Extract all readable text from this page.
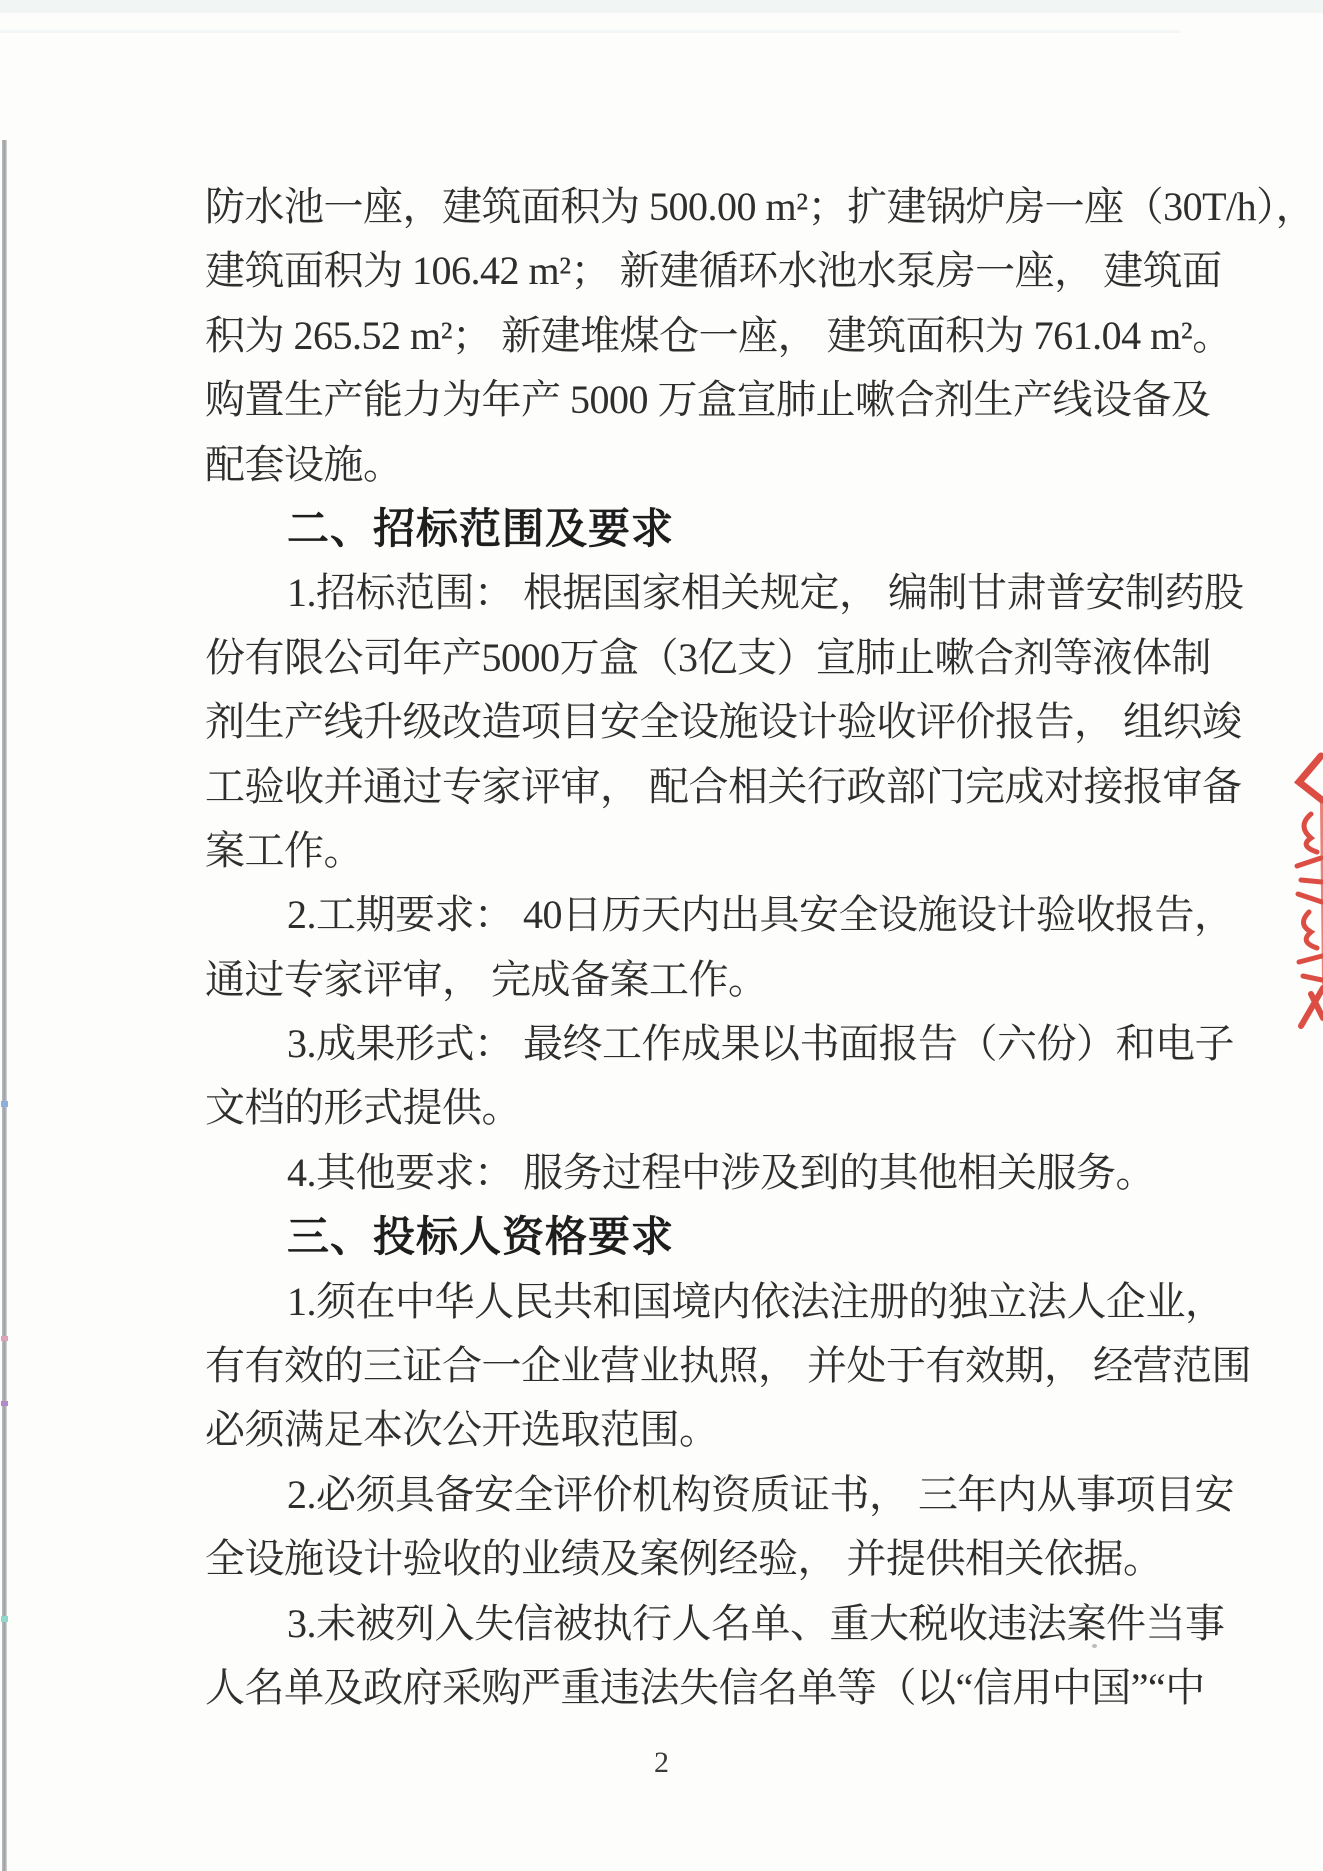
防水池一座，建筑面积为 500.00 m²；扩建锅炉房一座（30T/h），
建筑面积为 106.42 m²； 新建循环水池水泵房一座， 建筑面
积为 265.52 m²； 新建堆煤仓一座， 建筑面积为 761.04 m²。
购置生产能力为年产 5000 万盒宣肺止嗽合剂生产线设备及
配套设施。
二、招标范围及要求
1.招标范围： 根据国家相关规定， 编制甘肃普安制药股
份有限公司年产5000万盒（3亿支）宣肺止嗽合剂等液体制
剂生产线升级改造项目安全设施设计验收评价报告， 组织竣
工验收并通过专家评审， 配合相关行政部门完成对接报审备
案工作。
2.工期要求： 40日历天内出具安全设施设计验收报告，
通过专家评审， 完成备案工作。
3.成果形式： 最终工作成果以书面报告（六份）和电子
文档的形式提供。
4.其他要求： 服务过程中涉及到的其他相关服务。
三、投标人资格要求
1.须在中华人民共和国境内依法注册的独立法人企业，
有有效的三证合一企业营业执照， 并处于有效期， 经营范围
必须满足本次公开选取范围。
2.必须具备安全评价机构资质证书， 三年内从事项目安
全设施设计验收的业绩及案例经验， 并提供相关依据。
3.未被列入失信被执行人名单、重大税收违法案件当事
人名单及政府采购严重违法失信名单等（以“信用中国”“中
2
